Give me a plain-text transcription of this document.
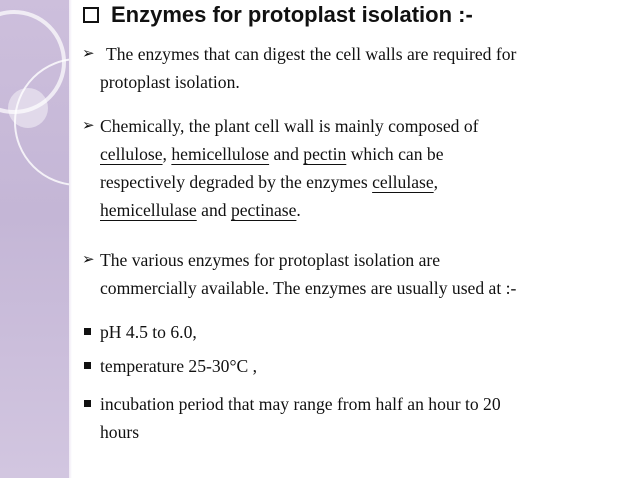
Enzymes for protoplast isolation :-
➢ The enzymes that can digest the cell walls are required for
protoplast isolation.
➢ Chemically, the plant cell wall is mainly composed of
cellulose, hemicellulose and pectin which can be
respectively degraded by the enzymes cellulase,
hemicellulase and pectinase.
➢ The various enzymes for protoplast isolation are
commercially available. The enzymes are usually used at :-
pH 4.5 to 6.0,
temperature 25-30°C ,
incubation period that may range from half an hour to 20
hours
